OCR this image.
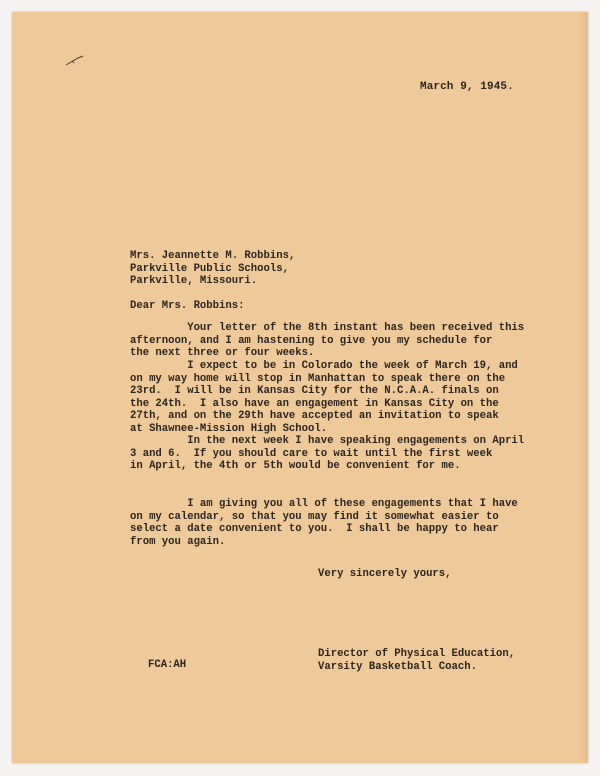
March 9, 1945.
Mrs. Jeannette M. Robbins,
Parkville Public Schools,
Parkville, Missouri.
Dear Mrs. Robbins:
Your letter of the 8th instant has been received this
afternoon, and I am hastening to give you my schedule for
the next three or four weeks.
I expect to be in Colorado the week of March 19, and
on my way home will stop in Manhattan to speak there on the
23rd.  I will be in Kansas City for the N.C.A.A. finals on
the 24th.  I also have an engagement in Kansas City on the
27th, and on the 29th have accepted an invitation to speak
at Shawnee-Mission High School.
In the next week I have speaking engagements on April
3 and 6.  If you should care to wait until the first week
in April, the 4th or 5th would be convenient for me.
I am giving you all of these engagements that I have
on my calendar, so that you may find it somewhat easier to
select a date convenient to you.  I shall be happy to hear
from you again.
Very sincerely yours,
Director of Physical Education,
Varsity Basketball Coach.
FCA:AH
